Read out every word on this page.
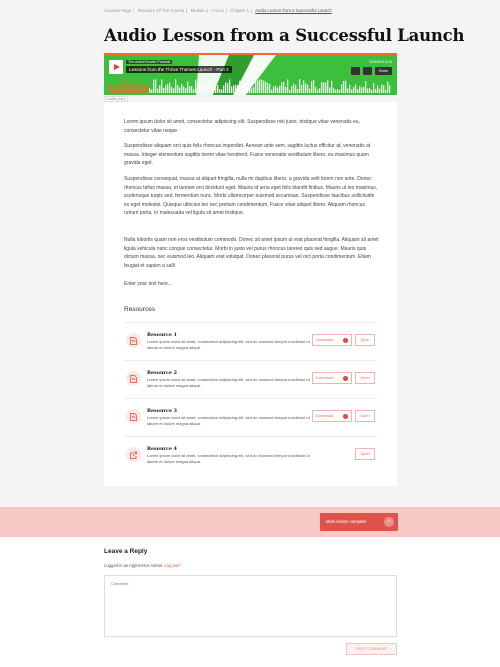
Courses Page | Structure Of The Course | Module 1 - Focus | Chapter 1 | Audio Lesson from a Successful Launch
Audio Lesson from a Successful Launch
The ActiveGrowth Podcast
Lessons from the Thrive Themes Launch - Part 2
SOUNDCLOUD
Share
Cookie policy

Lorem ipsum dolor sit amet, consectetur adipiscing elit. Suspendisse nisi justo, tristique vitae venenatis eu, consectetur vitae neque.

Suspendisse aliquam orci quis felis rhoncus imperdiet. Aenean ante sem, sagittis luctus efficitur at, venenatis at massa. Integer elementum sagittis lorem vitae hendrerit. Fusce venenatis vestibulum libero, eu maximus quam gravida eget.

Suspendisse consequat, massa at aliquet fringilla, nulla mi dapibus libero, a gravida velit lorem non ante. Donec rhoncus tellus massa, et laoreet orci tincidunt eget. Mauris id urna eget felis blandit finibus. Mauris ut leo maximus, scelerisque turpis sed, fermentum nunc. Morbi ullamcorper euismod accumsan. Suspendisse faucibus sollicitudin ex eget molestie. Quisque ultricies leo nec pretium condimentum. Fusce vitae aliquet libero. Aliquam rhoncus rutrum porta. In malesuada vel ligula sit amet tristique.

Nulla lobortis quam non eros vestibulum commodo. Donec sit amet ipsum ut erat placerat fringilla. Aliquam sit amet ligula vehicula nunc congue consectetur. Morbi in justo vel purus rhoncus laoreet quis sed augue. Mauris quis dictum massa, nec euismod leo. Aliquam erat volutpat. Donec placerat purus vel orci porta condimentum. Etiam feugiat et sapien a salli

Enter your text here...

Resources
Resource 1
Lorem ipsum dolor sit amet, consectetur adipiscing elit, sed do eiusmod tempor incididunt ut labore et dolore magna aliqua.
Download	↓	Open
Resource 2
Lorem ipsum dolor sit amet, consectetur adipiscing elit, sed do eiusmod tempor incididunt ut labore et dolore magna aliqua.
Download	↓	Open
Resource 3
Lorem ipsum dolor sit amet, consectetur adipiscing elit, sed do eiusmod tempor incididunt ut labore et dolore magna aliqua.
Download	↓	Open
Resource 4
Lorem ipsum dolor sit amet, consectetur adipiscing elit, sed do eiusmod tempor incididunt ut labore et dolore magna aliqua.
Open
Mark lesson complete	✓
Leave a Reply
Logged in as Apprentice-Admin. Log out?
Comment
POST COMMENT
